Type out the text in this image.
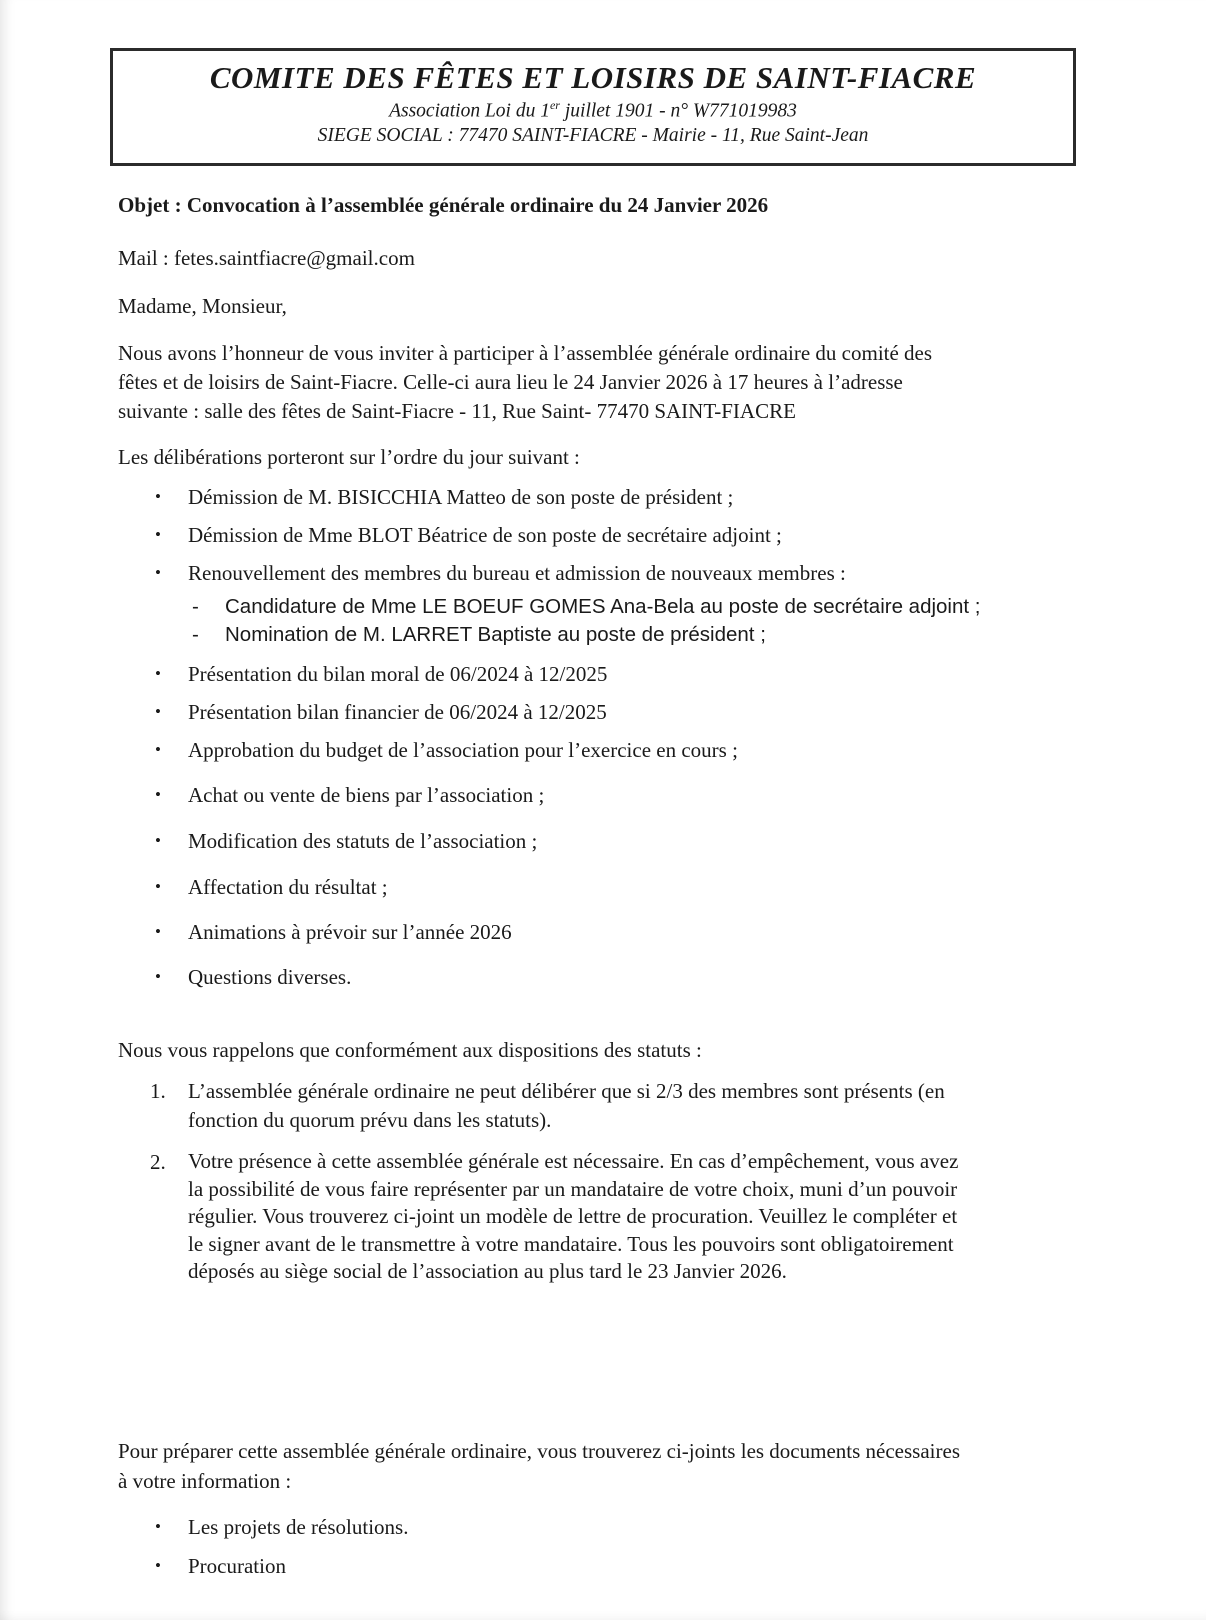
COMITE DES FÊTES ET LOISIRS DE SAINT-FIACRE
Association Loi du 1er juillet 1901 - n° W771019983
SIEGE SOCIAL : 77470 SAINT-FIACRE - Mairie - 11, Rue Saint-Jean
Objet : Convocation à l’assemblée générale ordinaire du 24 Janvier 2026
Mail : fetes.saintfiacre@gmail.com
Madame, Monsieur,
Nous avons l’honneur de vous inviter à participer à l’assemblée générale ordinaire du comité des
fêtes et de loisirs de Saint-Fiacre. Celle-ci aura lieu le 24 Janvier 2026 à 17 heures à l’adresse
suivante : salle des fêtes de Saint-Fiacre - 11, Rue Saint- 77470 SAINT-FIACRE
Les délibérations porteront sur l’ordre du jour suivant :
•	Démission de M. BISICCHIA Matteo de son poste de président ;
•	Démission de Mme BLOT Béatrice de son poste de secrétaire adjoint ;
•	Renouvellement des membres du bureau et admission de nouveaux membres :
-	Candidature de Mme LE BOEUF GOMES Ana-Bela au poste de secrétaire adjoint ;
-	Nomination de M. LARRET Baptiste au poste de président ;
•	Présentation du bilan moral de 06/2024 à 12/2025
•	Présentation bilan financier de 06/2024 à 12/2025
•	Approbation du budget de l’association pour l’exercice en cours ;
•	Achat ou vente de biens par l’association ;
•	Modification des statuts de l’association ;
•	Affectation du résultat ;
•	Animations à prévoir sur l’année 2026
•	Questions diverses.
Nous vous rappelons que conformément aux dispositions des statuts :
1.	L’assemblée générale ordinaire ne peut délibérer que si 2/3 des membres sont présents (en
fonction du quorum prévu dans les statuts).
2.	Votre présence à cette assemblée générale est nécessaire. En cas d’empêchement, vous avez
la possibilité de vous faire représenter par un mandataire de votre choix, muni d’un pouvoir
régulier. Vous trouverez ci-joint un modèle de lettre de procuration. Veuillez le compléter et
le signer avant de le transmettre à votre mandataire. Tous les pouvoirs sont obligatoirement
déposés au siège social de l’association au plus tard le 23 Janvier 2026.
Pour préparer cette assemblée générale ordinaire, vous trouverez ci-joints les documents nécessaires
à votre information :
•	Les projets de résolutions.
•	Procuration
